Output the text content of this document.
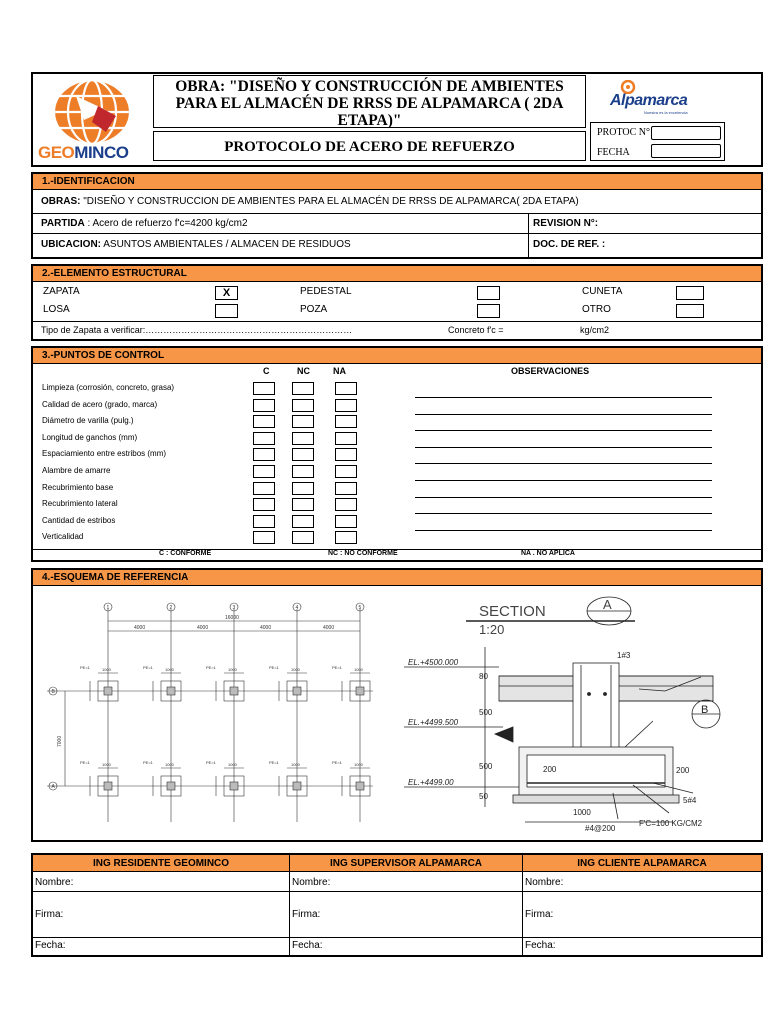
GEOMINCO
OBRA: "DISEÑO Y CONSTRUCCIÓN DE AMBIENTES PARA EL ALMACÉN DE RRSS DE ALPAMARCA ( 2DA ETAPA)"
PROTOCOLO DE ACERO DE REFUERZO
Alpamarca
Nuestra es la excelencia
PROTOC N°
FECHA
1.-IDENTIFICACION
OBRAS: "DISEÑO Y CONSTRUCCION DE AMBIENTES PARA EL ALMACÉN DE RRSS DE ALPAMARCA( 2DA ETAPA)
PARTIDA : Acero de refuerzo f'c=4200 kg/cm2	REVISION N°:
UBICACION: ASUNTOS AMBIENTALES / ALMACEN DE RESIDUOS	DOC. DE REF. :
2.-ELEMENTO ESTRUCTURAL
ZAPATA	X	PEDESTAL	CUNETA
LOSA	POZA	OTRO
Tipo de Zapata a verificar:……………………………………………………………	Concreto f'c =	kg/cm2
3.-PUNTOS DE CONTROL
C	NC	NA	OBSERVACIONES
Limpieza (corrosión, concreto, grasa)
Calidad de acero (grado, marca)
Diámetro de varilla (pulg.)
Longitud de ganchos (mm)
Espaciamiento entre estribos (mm)
Alambre de amarre
Recubrimiento base
Recubrimiento lateral
Cantidad de estribos
Verticalidad
C : CONFORME	NC : NO CONFORME	NA . NO APLICA
4.-ESQUEMA DE REFERENCIA
1	2	3	4	5
B
A
16000
4000	4000	4000	4000
7000
1000
PE=1	1000
PE=1	1000
PE=1	1000
PE=1	1000
PE=1
1000
PE=1	1000
PE=1	1000
PE=1	1000
PE=1	1000
PE=1
SECTION	A
1:20
EL.+4500.000
EL.+4499.500
EL.+4499.00
1#3
B
200	200
1000
500
500
80
50	5#4
#4@200
F'C=100 KG/CM2
ING RESIDENTE GEOMINCO
Nombre:
Firma:
Fecha:
ING SUPERVISOR ALPAMARCA
Nombre:
Firma:
Fecha:
ING CLIENTE ALPAMARCA
Nombre:
Firma:
Fecha:
